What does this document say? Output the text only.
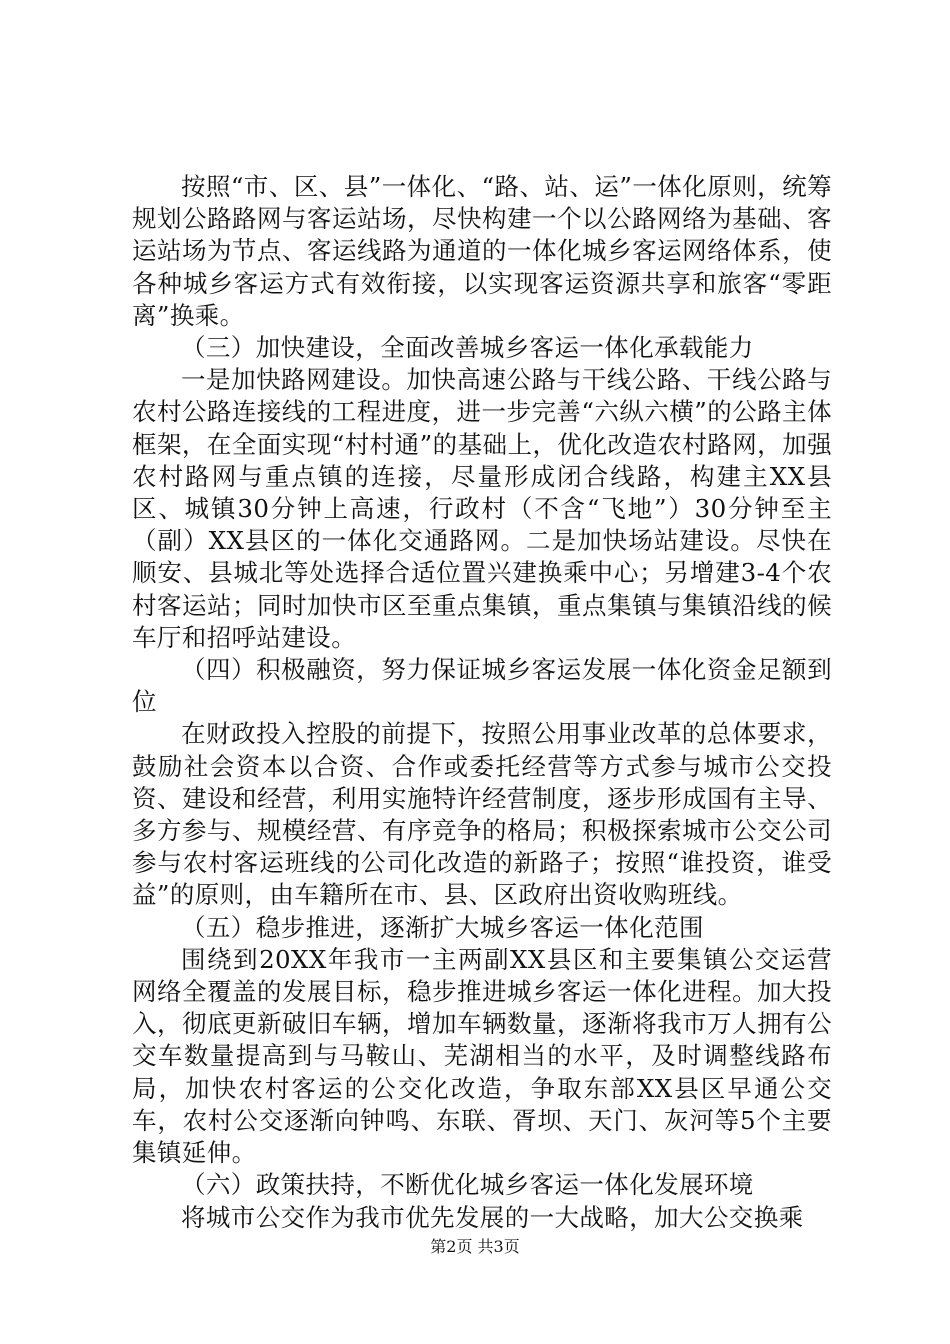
按照“市、区、县”一体化、“路、站、运”一体化原则，统筹规划公路路网与客运站场，尽快构建一个以公路网络为基础、客运站场为节点、客运线路为通道的一体化城乡客运网络体系，使各种城乡客运方式有效衔接，以实现客运资源共享和旅客“零距离”换乘。

（三）加快建设，全面改善城乡客运一体化承载能力

一是加快路网建设。加快高速公路与干线公路、干线公路与农村公路连接线的工程进度，进一步完善“六纵六横”的公路主体框架，在全面实现“村村通”的基础上，优化改造农村路网，加强农村路网与重点镇的连接，尽量形成闭合线路，构建主XX县区、城镇30分钟上高速，行政村（不含“飞地”）30分钟至主（副）XX县区的一体化交通路网。二是加快场站建设。尽快在顺安、县城北等处选择合适位置兴建换乘中心；另增建3-4个农村客运站；同时加快市区至重点集镇，重点集镇与集镇沿线的候车厅和招呼站建设。

（四）积极融资，努力保证城乡客运发展一体化资金足额到位

在财政投入控股的前提下，按照公用事业改革的总体要求，鼓励社会资本以合资、合作或委托经营等方式参与城市公交投资、建设和经营，利用实施特许经营制度，逐步形成国有主导、多方参与、规模经营、有序竞争的格局；积极探索城市公交公司参与农村客运班线的公司化改造的新路子；按照“谁投资，谁受益”的原则，由车籍所在市、县、区政府出资收购班线。

（五）稳步推进，逐渐扩大城乡客运一体化范围

围绕到20XX年我市一主两副XX县区和主要集镇公交运营网络全覆盖的发展目标，稳步推进城乡客运一体化进程。加大投入，彻底更新破旧车辆，增加车辆数量，逐渐将我市万人拥有公交车数量提高到与马鞍山、芜湖相当的水平，及时调整线路布局，加快农村客运的公交化改造，争取东部XX县区早通公交车，农村公交逐渐向钟鸣、东联、胥坝、天门、灰河等5个主要集镇延伸。

（六）政策扶持，不断优化城乡客运一体化发展环境

将城市公交作为我市优先发展的一大战略，加大公交换乘

第2页 共3页
